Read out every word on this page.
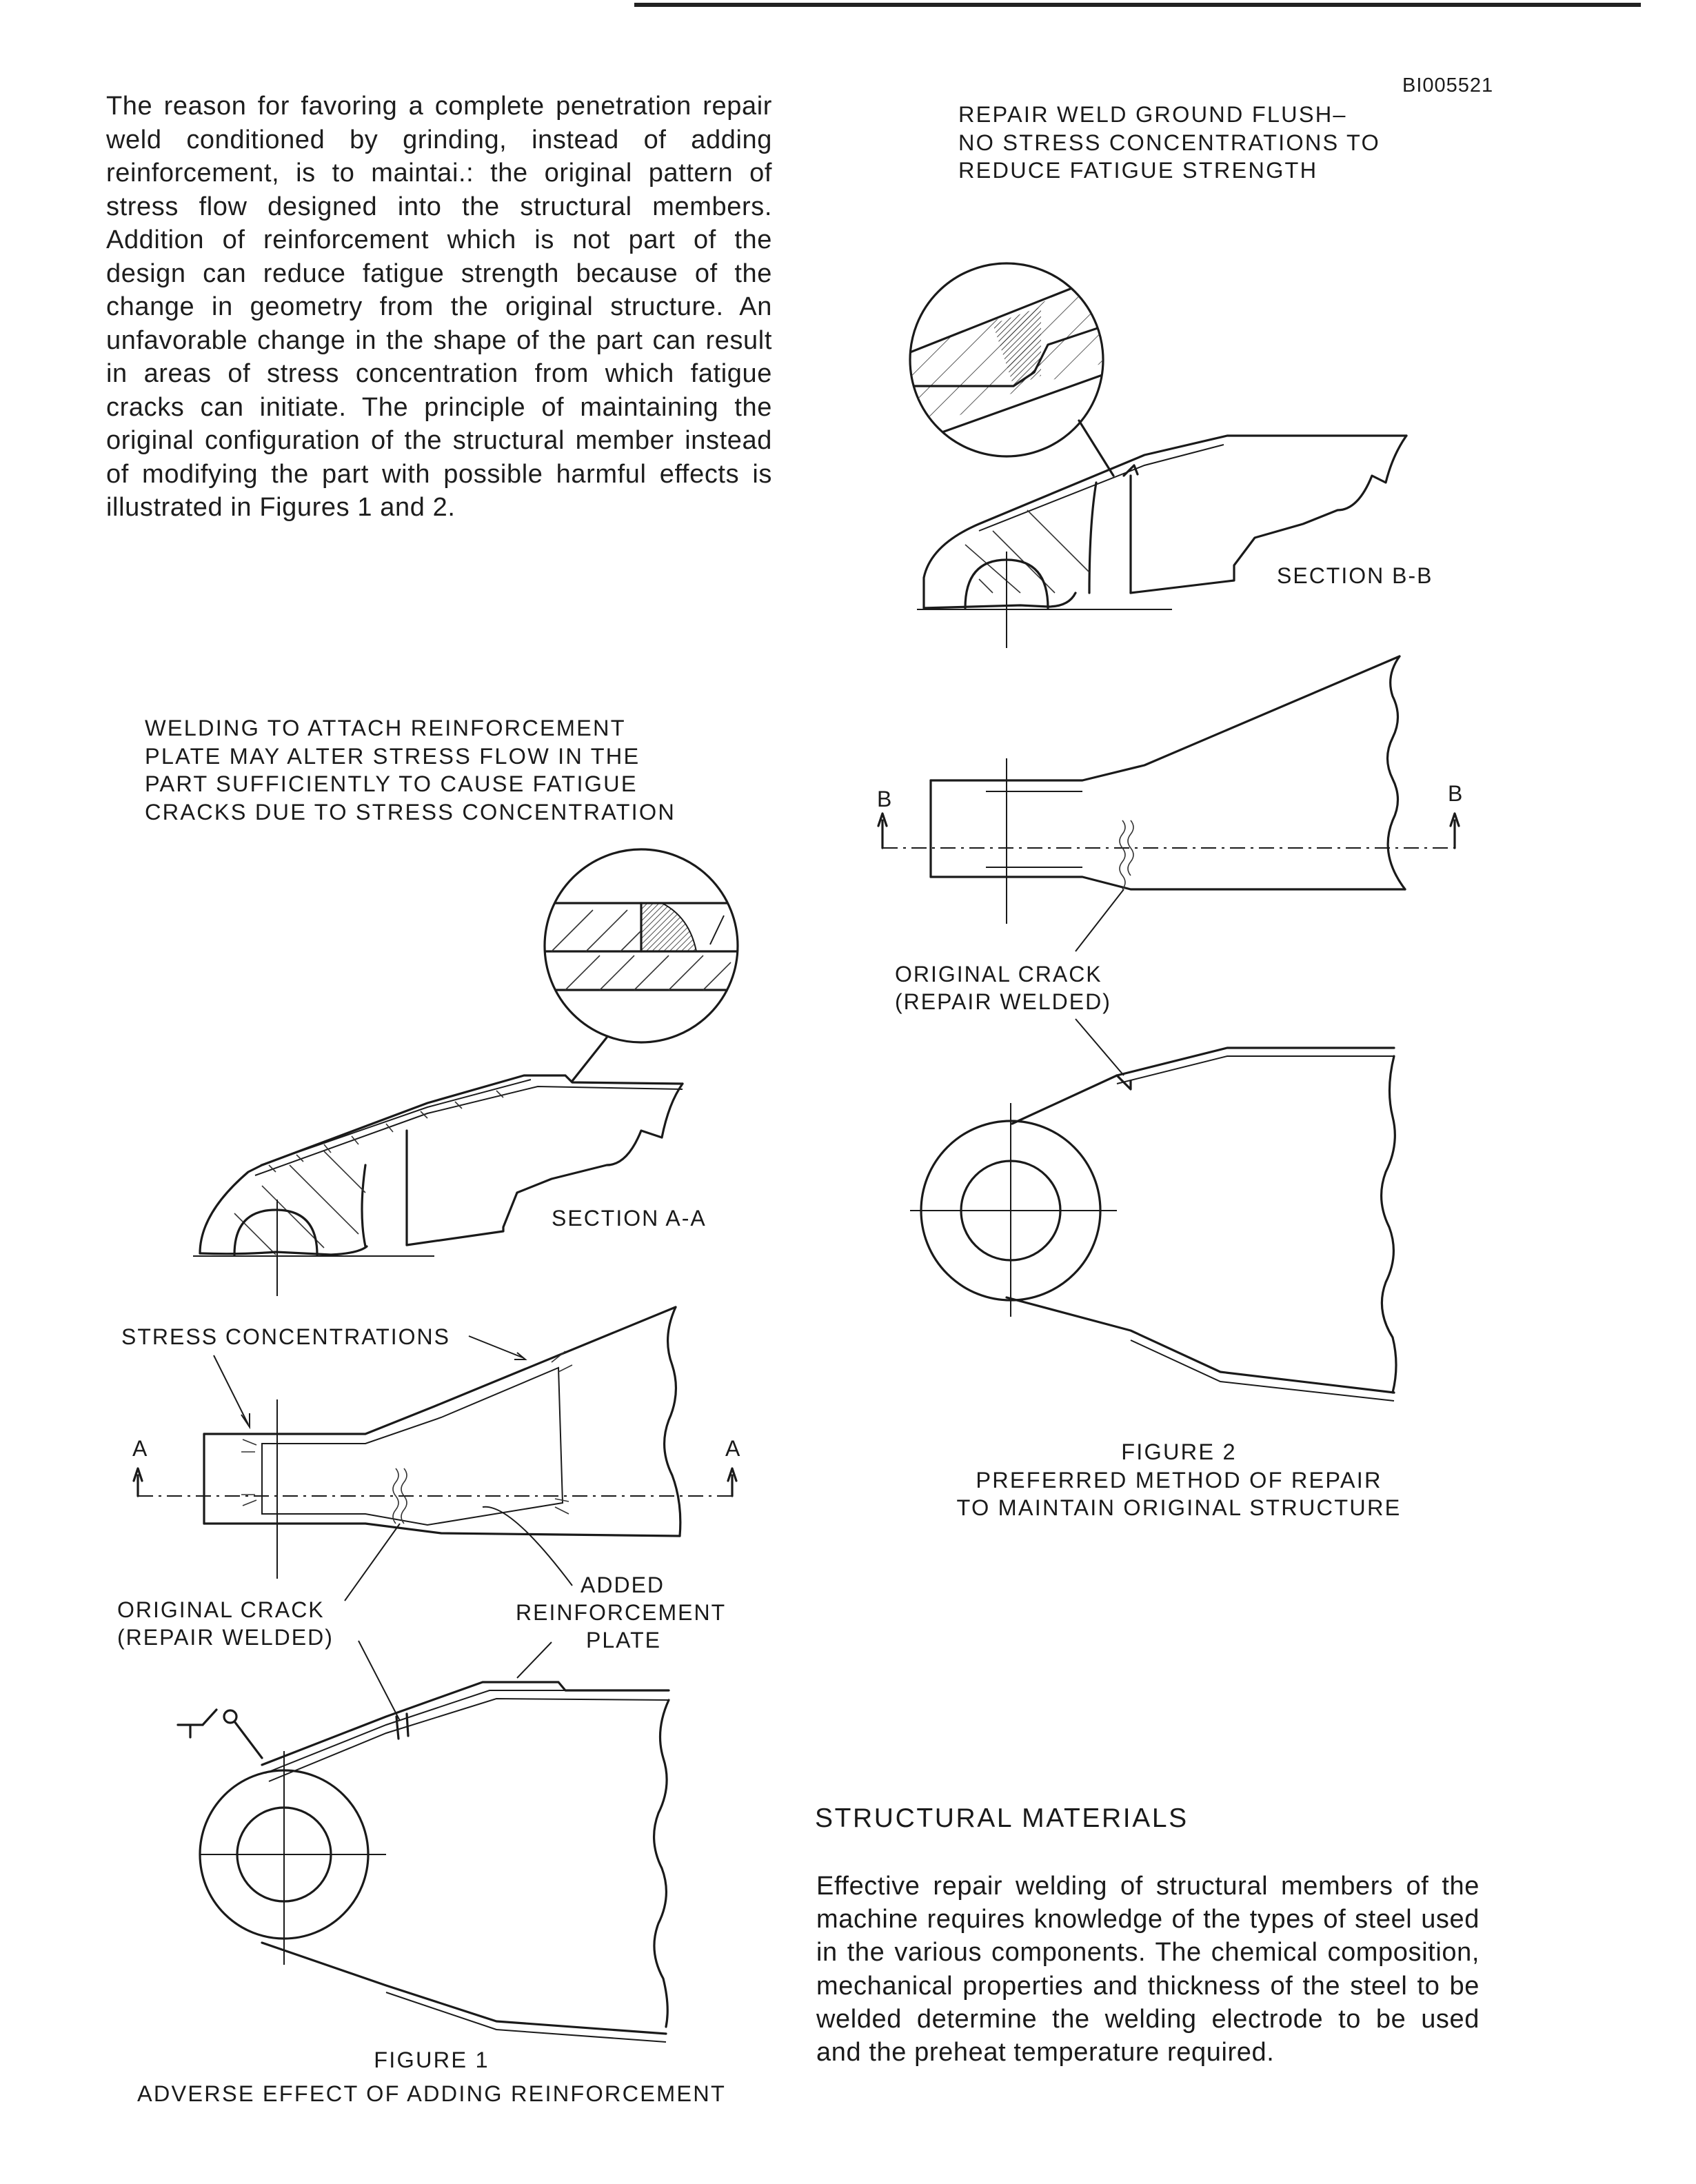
BI005521
The reason for favoring a complete penetration repair weld conditioned by grinding, instead of adding reinforcement, is to maintai.: the original pattern of stress flow designed into the structural members. Addition of reinforcement which is not part of the design can reduce fatigue strength because of the change in geometry from the original structure. An unfavorable change in the shape of the part can result in areas of stress concentration from which fatigue cracks can initiate. The principle of maintaining the original configuration of the structural member instead of modifying the part with possible harmful effects is illustrated in Figures 1 and 2.
WELDING TO ATTACH REINFORCEMENT
PLATE MAY ALTER STRESS FLOW IN THE
PART SUFFICIENTLY TO CAUSE FATIGUE
CRACKS DUE TO STRESS CONCENTRATION
REPAIR WELD GROUND FLUSH–
NO STRESS CONCENTRATIONS TO
REDUCE FATIGUE STRENGTH
SECTION B-B
B	B
ORIGINAL CRACK
(REPAIR WELDED)
SECTION A-A
STRESS CONCENTRATIONS
A	A
ADDED
REINFORCEMENT
PLATE
ORIGINAL CRACK
(REPAIR WELDED)
FIGURE 1
ADVERSE EFFECT OF ADDING REINFORCEMENT
FIGURE 2
PREFERRED METHOD OF REPAIR
TO MAINTAIN ORIGINAL STRUCTURE
STRUCTURAL MATERIALS
Effective repair welding of structural members of the machine requires knowledge of the types of steel used in the various components. The chemical composition, mechanical properties and thickness of the steel to be welded determine the welding electrode to be used and the preheat temperature required.
